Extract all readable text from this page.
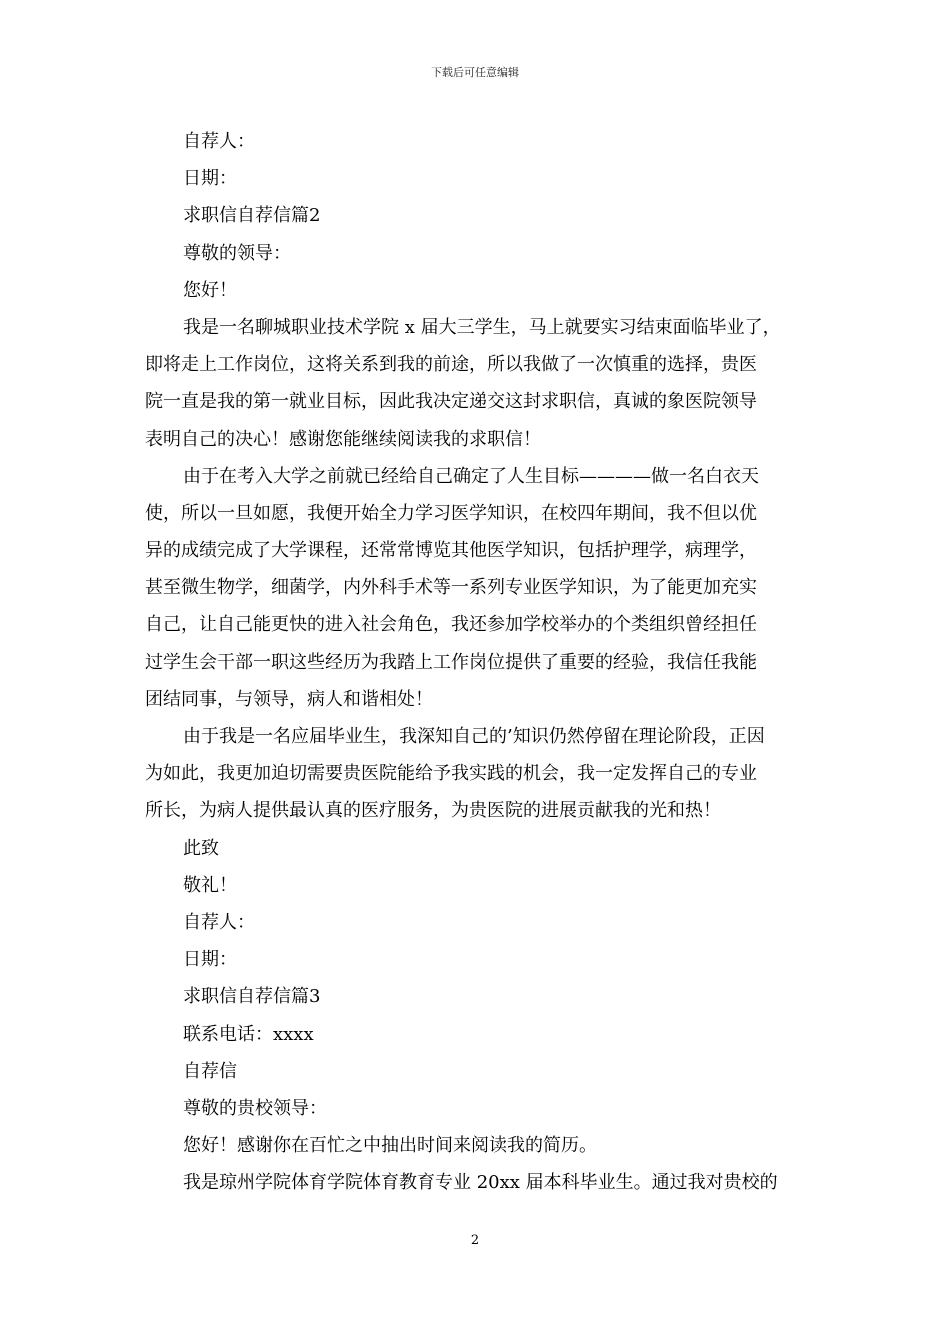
下载后可任意编辑

自荐人：

日期：

求职信自荐信篇2

尊敬的领导：

您好！

我是一名聊城职业技术学院 x 届大三学生，马上就要实习结束面临毕业了，

即将走上工作岗位，这将关系到我的前途，所以我做了一次慎重的选择，贵医

院一直是我的第一就业目标，因此我决定递交这封求职信，真诚的象医院领导

表明自己的决心！感谢您能继续阅读我的求职信！

由于在考入大学之前就已经给自己确定了人生目标————做一名白衣天

使，所以一旦如愿，我便开始全力学习医学知识，在校四年期间，我不但以优

异的成绩完成了大学课程，还常常博览其他医学知识，包括护理学，病理学，

甚至微生物学，细菌学，内外科手术等一系列专业医学知识，为了能更加充实

自己，让自己能更快的进入社会角色，我还参加学校举办的个类组织曾经担任

过学生会干部一职这些经历为我踏上工作岗位提供了重要的经验，我信任我能

团结同事，与领导，病人和谐相处！

由于我是一名应届毕业生，我深知自己的’知识仍然停留在理论阶段，正因

为如此，我更加迫切需要贵医院能给予我实践的机会，我一定发挥自己的专业

所长，为病人提供最认真的医疗服务，为贵医院的进展贡献我的光和热！

此致

敬礼！

自荐人：

日期：

求职信自荐信篇3

联系电话：xxxx

自荐信

尊敬的贵校领导：

您好！感谢你在百忙之中抽出时间来阅读我的简历。

我是琼州学院体育学院体育教育专业 20xx 届本科毕业生。通过我对贵校的

2
